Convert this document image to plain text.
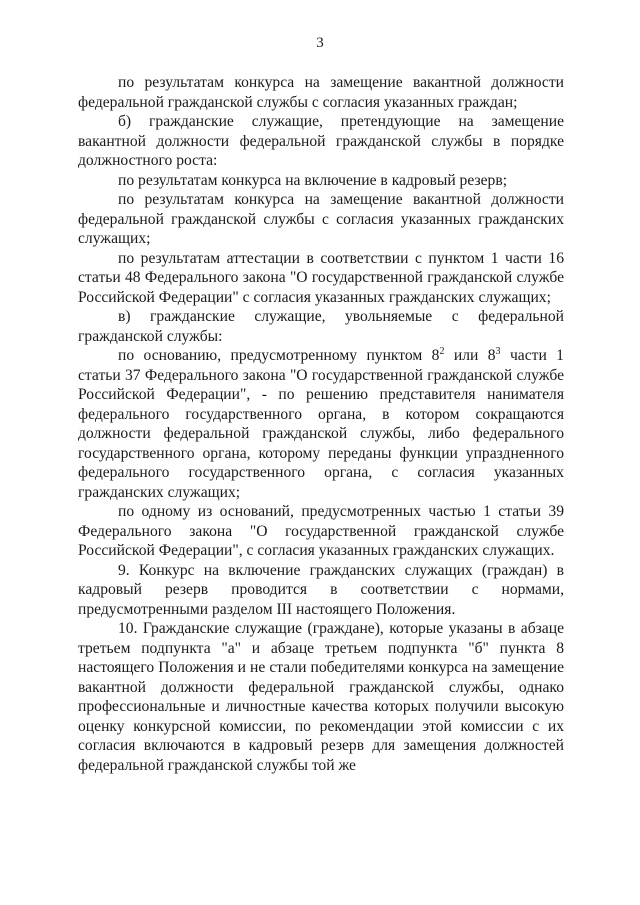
3

по результатам конкурса на замещение вакантной должности федеральной гражданской службы с согласия указанных граждан;

б) гражданские служащие, претендующие на замещение вакантной должности федеральной гражданской службы в порядке должностного роста:

по результатам конкурса на включение в кадровый резерв;

по результатам конкурса на замещение вакантной должности федеральной гражданской службы с согласия указанных гражданских служащих;

по результатам аттестации в соответствии с пунктом 1 части 16 статьи 48 Федерального закона "О государственной гражданской службе Российской Федерации" с согласия указанных гражданских служащих;

в) гражданские служащие, увольняемые с федеральной гражданской службы:

по основанию, предусмотренному пунктом $8^2$ или $8^3$ части 1 статьи 37 Федерального закона "О государственной гражданской службе Российской Федерации", - по решению представителя нанимателя федерального государственного органа, в котором сокращаются должности федеральной гражданской службы, либо федерального государственного органа, которому переданы функции упраздненного федерального государственного органа, с согласия указанных гражданских служащих;

по одному из оснований, предусмотренных частью 1 статьи 39 Федерального закона "О государственной гражданской службе Российской Федерации", с согласия указанных гражданских служащих.

9. Конкурс на включение гражданских служащих (граждан) в кадровый резерв проводится в соответствии с нормами, предусмотренными разделом III настоящего Положения.

10. Гражданские служащие (граждане), которые указаны в абзаце третьем подпункта "а" и абзаце третьем подпункта "б" пункта 8 настоящего Положения и не стали победителями конкурса на замещение вакантной должности федеральной гражданской службы, однако профессиональные и личностные качества которых получили высокую оценку конкурсной комиссии, по рекомендации этой комиссии с их согласия включаются в кадровый резерв для замещения должностей федеральной гражданской службы той же
